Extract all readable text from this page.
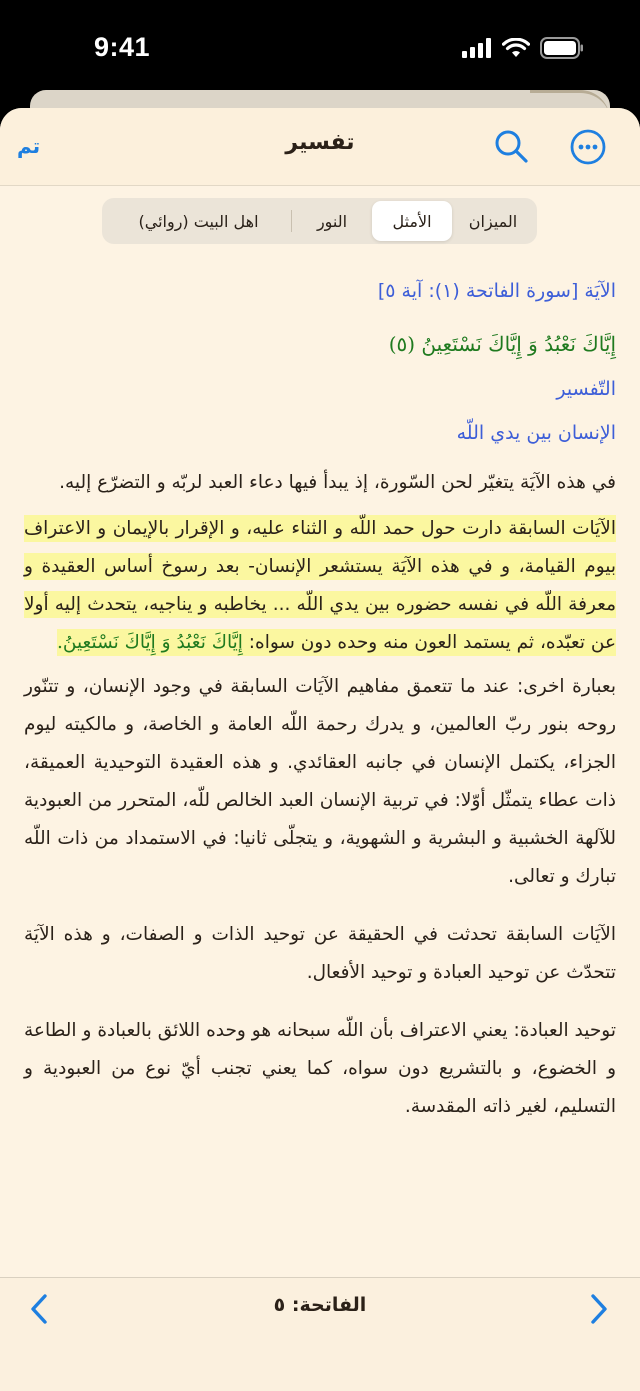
9:41
تم	تفسير
الميزان
الأمثل
النور
اهل البيت (روائي)
الآيَة [سورة الفاتحة (١): آية ٥]
إِيَّاكَ نَعْبُدُ وَ إِيَّاكَ نَسْتَعِينُ (٥)
التّفسير
الإنسان بين يدي اللّه

في هذه الآيَة يتغيّر لحن السّورة، إذ يبدأ فيها دعاء العبد لربّه و التضرّع إليه.

الآيَات السابقة دارت حول حمد اللّه و الثناء عليه، و الإقرار بالإيمان و الاعتراف بيوم القيامة، و في هذه الآيَة يستشعر الإنسان- بعد رسوخ أساس العقيدة و معرفة اللّه في نفسه حضوره بين يدي اللّه ... يخاطبه و يناجيه، يتحدث إليه أولا عن تعبّده، ثم يستمد العون منه وحده دون سواه: إِيَّاكَ نَعْبُدُ وَ إِيَّاكَ نَسْتَعِينُ.

بعبارة اخرى: عند ما تتعمق مفاهيم الآيَات السابقة في وجود الإنسان، و تتنّور روحه بنور ربّ العالمين، و يدرك رحمة اللّه العامة و الخاصة، و مالكيته ليوم الجزاء، يكتمل الإنسان في جانبه العقائدي. و هذه العقيدة التوحيدية العميقة، ذات عطاء يتمثّل أوّلا: في تربية الإنسان العبد الخالص للّه، المتحرر من العبودية للآلهة الخشبية و البشرية و الشهوية، و يتجلّى ثانيا: في الاستمداد من ذات اللّه تبارك و تعالى.

الآيَات السابقة تحدثت في الحقيقة عن توحيد الذات و الصفات، و هذه الآيَة تتحدّث عن توحيد العبادة و توحيد الأفعال.

توحيد العبادة: يعني الاعتراف بأن اللّه سبحانه هو وحده اللائق بالعبادة و الطاعة و الخضوع، و بالتشريع دون سواه، كما يعني تجنب أيّ نوع من العبودية و التسليم، لغير ذاته المقدسة.

الفاتحة: ٥
